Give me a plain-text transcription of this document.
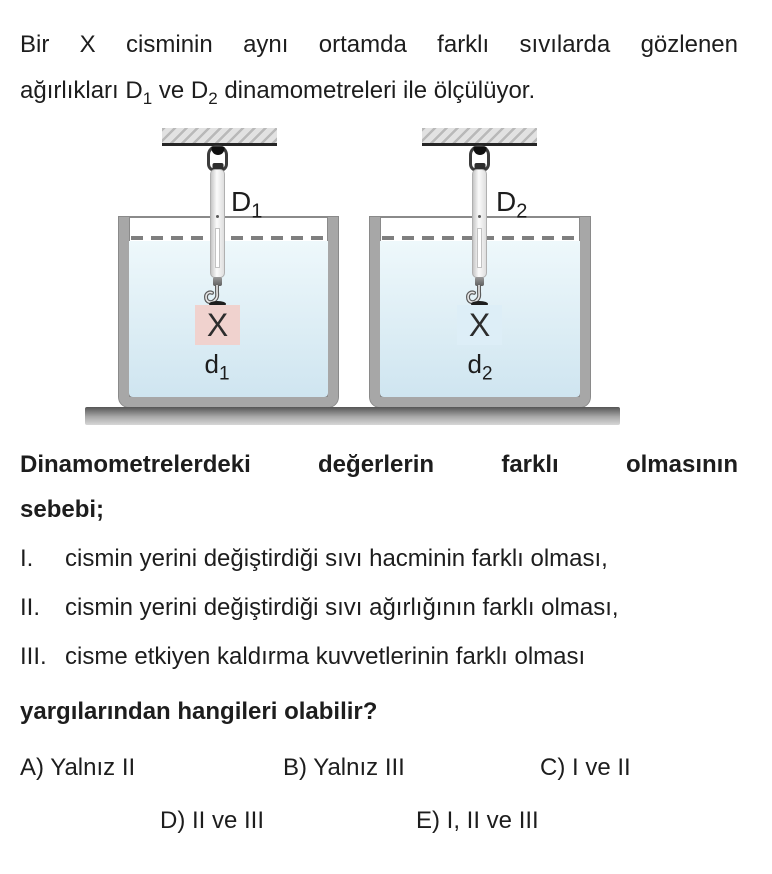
Bir X cisminin aynı ortamda farklı sıvılarda gözlenen
ağırlıkları $D_1$ ve $D_2$ dinamometreleri ile ölçülüyor.
X
$D_1$
$d_1$
X
$D_2$
$d_2$
Dinamometrelerdeki değerlerin farklı olmasının
sebebi;
I.	cismin yerini değiştirdiği sıvı hacminin farklı olması,
II.	cismin yerini değiştirdiği sıvı ağırlığının farklı olması,
III. cisme etkiyen kaldırma kuvvetlerinin farklı olması
yargılarından hangileri olabilir?
A) Yalnız II	B) Yalnız III	C) I ve II
D) II ve III	E) I, II ve III
